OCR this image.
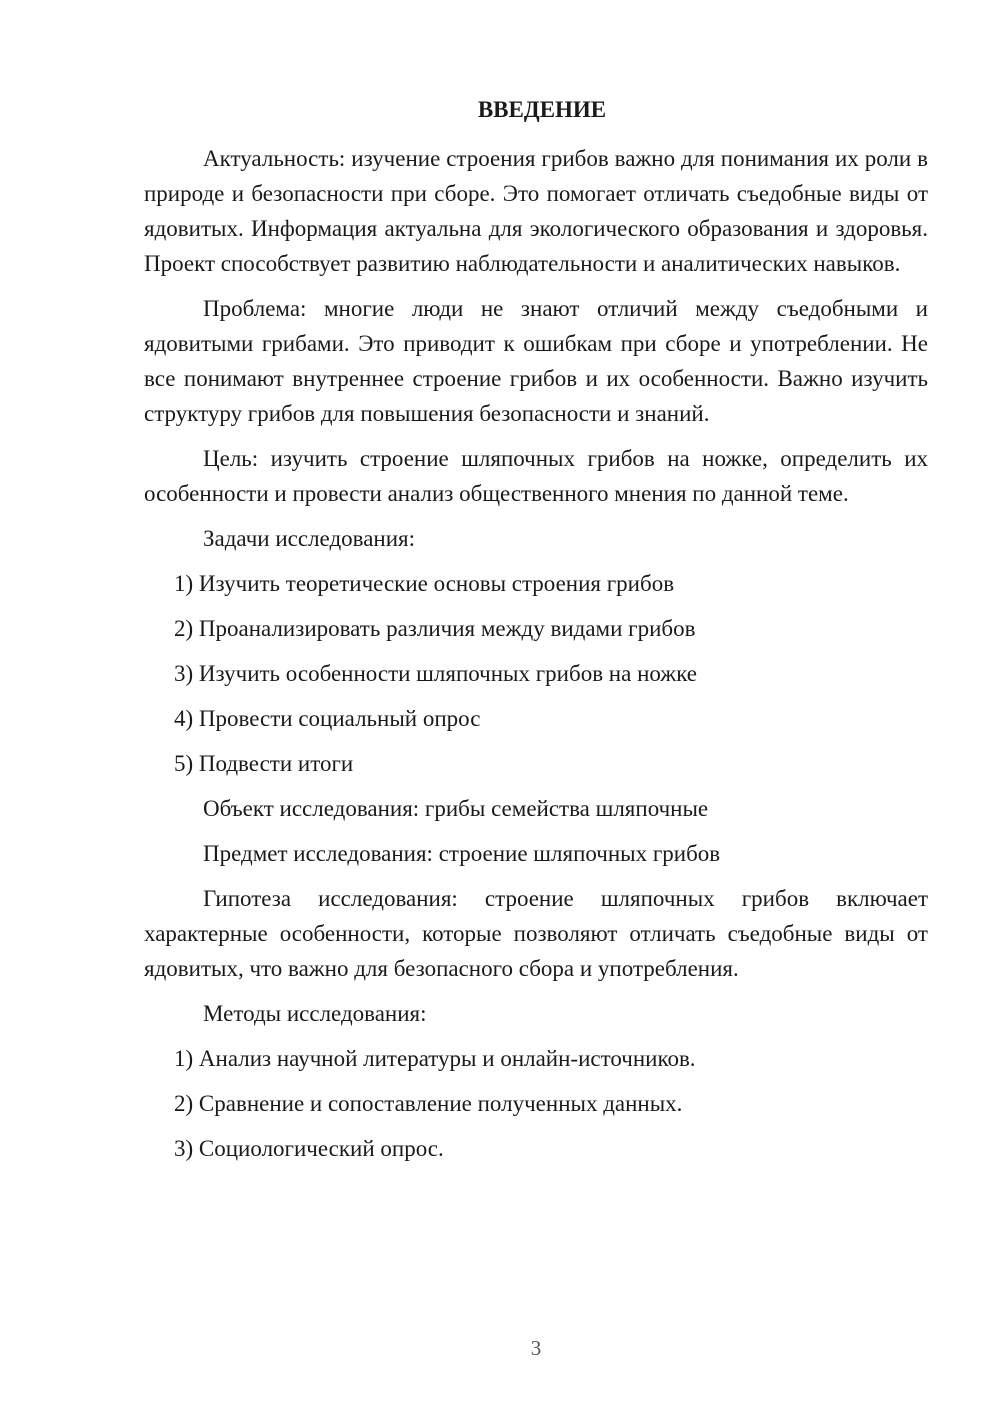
ВВЕДЕНИЕ

Актуальность: изучение строения грибов важно для понимания их роли в природе и безопасности при сборе. Это помогает отличать съедобные виды от ядовитых. Информация актуальна для экологического образования и здоровья. Проект способствует развитию наблюдательности и аналитических навыков.

Проблема: многие люди не знают отличий между съедобными и ядовитыми грибами. Это приводит к ошибкам при сборе и употреблении. Не все понимают внутреннее строение грибов и их особенности. Важно изучить структуру грибов для повышения безопасности и знаний.

Цель: изучить строение шляпочных грибов на ножке, определить их особенности и провести анализ общественного мнения по данной теме.

Задачи исследования:

1) Изучить теоретические основы строения грибов
2) Проанализировать различия между видами грибов
3) Изучить особенности шляпочных грибов на ножке
4) Провести социальный опрос
5) Подвести итоги

Объект исследования: грибы семейства шляпочные

Предмет исследования: строение шляпочных грибов

Гипотеза исследования: строение шляпочных грибов включает характерные особенности, которые позволяют отличать съедобные виды от ядовитых, что важно для безопасного сбора и употребления.

Методы исследования:

1) Анализ научной литературы и онлайн-источников.
2) Сравнение и сопоставление полученных данных.
3) Социологический опрос.
3
